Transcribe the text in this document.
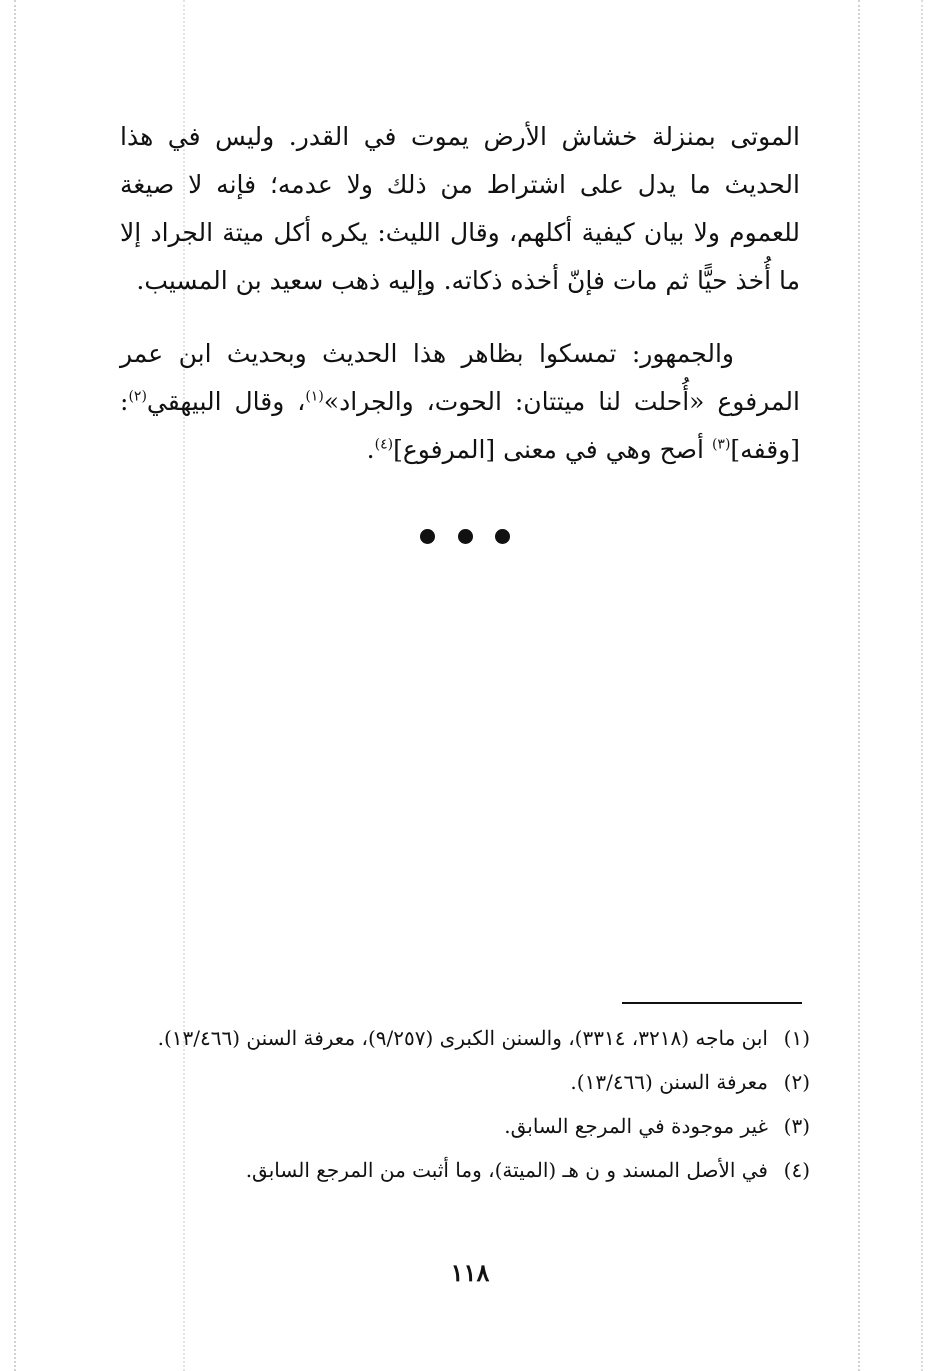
الموتى بمنزلة خشاش الأرض يموت في القدر. وليس في هذا
الحديث ما يدل على اشتراط من ذلك ولا عدمه؛ فإنه لا صيغة
للعموم ولا بيان كيفية أكلهم، وقال الليث: يكره أكل ميتة الجراد إلا
ما أُخذ حيًّا ثم مات فإنّ أخذه ذكاته. وإليه ذهب سعيد بن المسيب.
والجمهور: تمسكوا بظاهر هذا الحديث وبحديث ابن عمر
المرفوع «أُحلت لنا ميتتان: الحوت، والجراد»$^{(١)}$، وقال البيهقي$^{(٢)}$:
[وقفه]$^{(٣)}$ أصح وهي في معنى [المرفوع]$^{(٤)}$.
(١)
ابن ماجه (٣٢١٨، ٣٣١٤)، والسنن الكبرى (٩/٢٥٧)، معرفة السنن (١٣/٤٦٦).
(٢)
معرفة السنن (١٣/٤٦٦).
(٣)
غير موجودة في المرجع السابق.
(٤)
في الأصل المسند و ن هـ (الميتة)، وما أثبت من المرجع السابق.
١١٨
